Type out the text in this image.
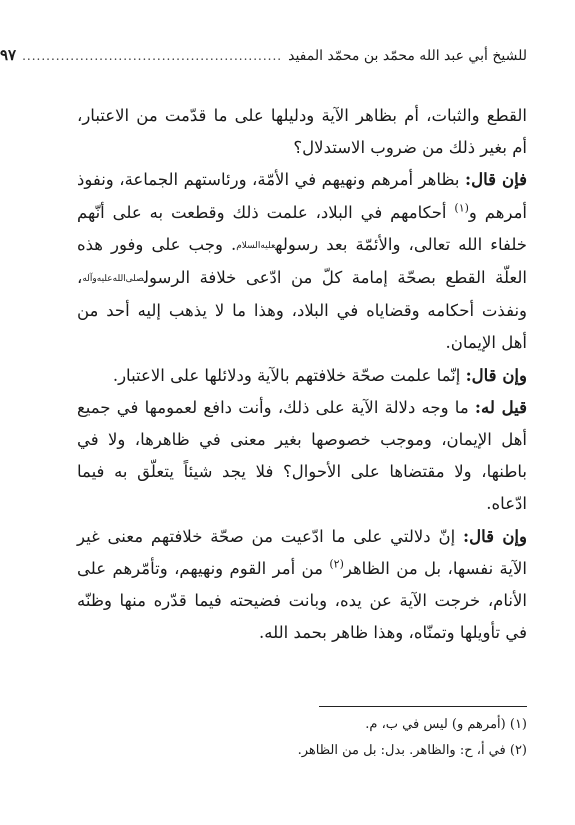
للشيخ أبي عبد الله محمّد بن محمّد المفيد
......................................................
٩٧

القطع والثبات، أم بظاهر الآية ودليلها على ما قدّمت من الاعتبار، أم بغير ذلك من ضروب الاستدلال؟

فإن قال: بظاهر أمرهم ونهيهم في الأمّة، ورئاستهم الجماعة، ونفوذ أمرهم و$^{(١)}$ أحكامهم في البلاد، علمت ذلك وقطعت به على أنّهم خلفاء الله تعالى، والأئمّة بعد رسولهعليه‌السلام. وجب على وفور هذه العلّة القطع بصحّة إمامة كلّ من ادّعى خلافة الرسولصلى‌الله‌عليه‌وآله، ونفذت أحكامه وقضاياه في البلاد، وهذا ما لا يذهب إليه أحد من أهل الإيمان.

وإن قال: إنّما علمت صحّة خلافتهم بالآية ودلائلها على الاعتبار.

قيل له: ما وجه دلالة الآية على ذلك، وأنت دافع لعمومها في جميع أهل الإيمان، وموجب خصوصها بغير معنى في ظاهرها، ولا في باطنها، ولا مقتضاها على الأحوال؟ فلا يجد شيئاً يتعلّق به فيما ادّعاه.

وإن قال: إنّ دلالتي على ما ادّعيت من صحّة خلافتهم معنى غير الآية نفسها، بل من الظاهر$^{(٢)}$ من أمر القوم ونهيهم، وتأمّرهم على الأنام، خرجت الآية عن يده، وبانت فضيحته فيما قدّره منها وظنّه في تأويلها وتمنّاه، وهذا ظاهر بحمد الله.

(١) (أمرهم و) ليس في ب، م.

(٢) في أ، ح: والظاهر. بدل: بل من الظاهر.
